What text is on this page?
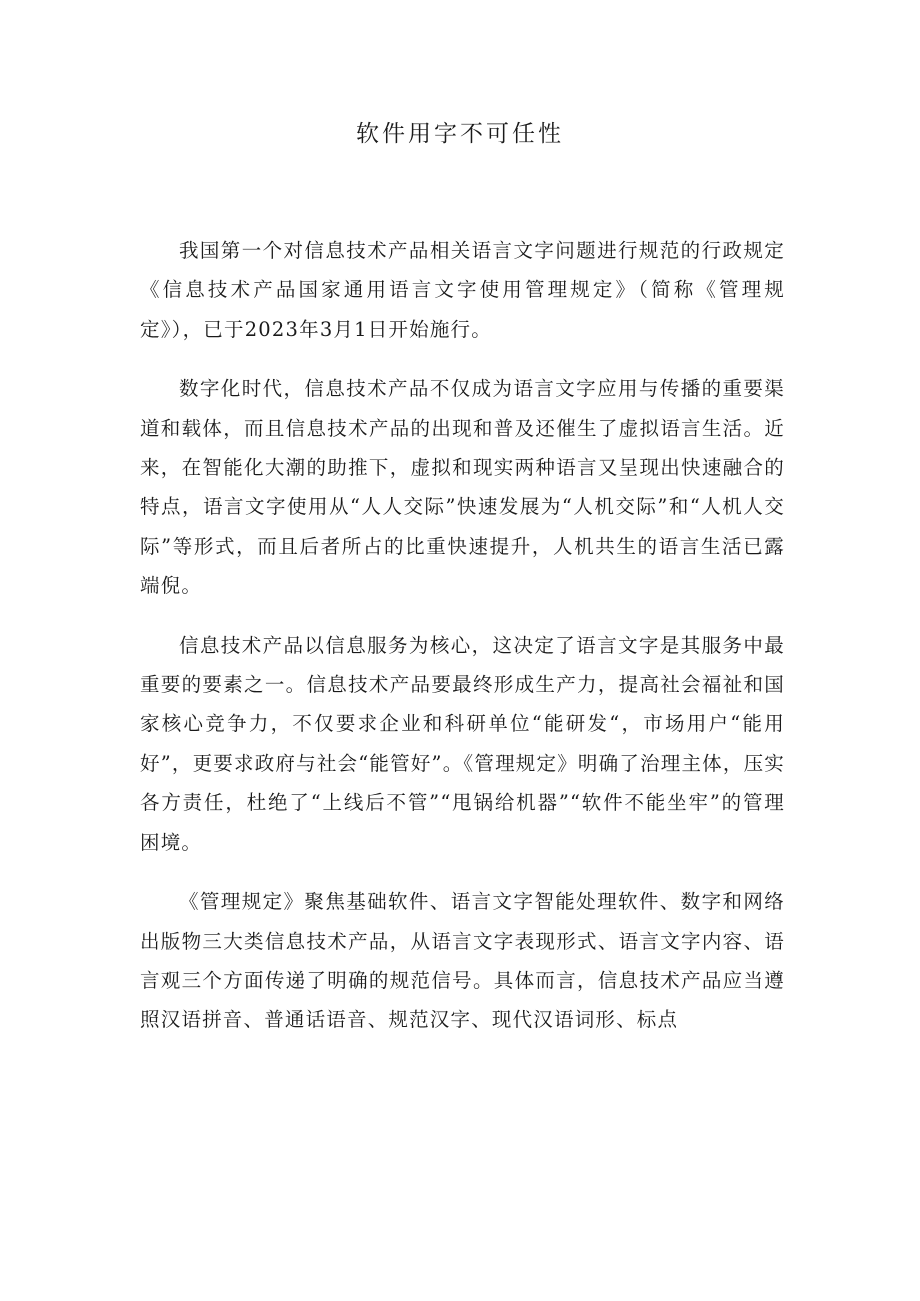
软件用字不可任性

我国第一个对信息技术产品相关语言文字问题进行规范的行政规定《信息技术产品国家通用语言文字使用管理规定》（简称《管理规定》），已于2023年3月1日开始施行。

数字化时代，信息技术产品不仅成为语言文字应用与传播的重要渠道和载体，而且信息技术产品的出现和普及还催生了虚拟语言生活。近来，在智能化大潮的助推下，虚拟和现实两种语言又呈现出快速融合的特点，语言文字使用从“人人交际”快速发展为“人机交际”和“人机人交际”等形式，而且后者所占的比重快速提升，人机共生的语言生活已露端倪。

信息技术产品以信息服务为核心，这决定了语言文字是其服务中最重要的要素之一。信息技术产品要最终形成生产力，提高社会福祉和国家核心竞争力，不仅要求企业和科研单位“能研发“，市场用户“能用好”，更要求政府与社会“能管好”。《管理规定》明确了治理主体，压实各方责任，杜绝了“上线后不管”“甩锅给机器”“软件不能坐牢”的管理困境。

《管理规定》聚焦基础软件、语言文字智能处理软件、数字和网络出版物三大类信息技术产品，从语言文字表现形式、语言文字内容、语言观三个方面传递了明确的规范信号。具体而言，信息技术产品应当遵照汉语拼音、普通话语音、规范汉字、现代汉语词形、标点
